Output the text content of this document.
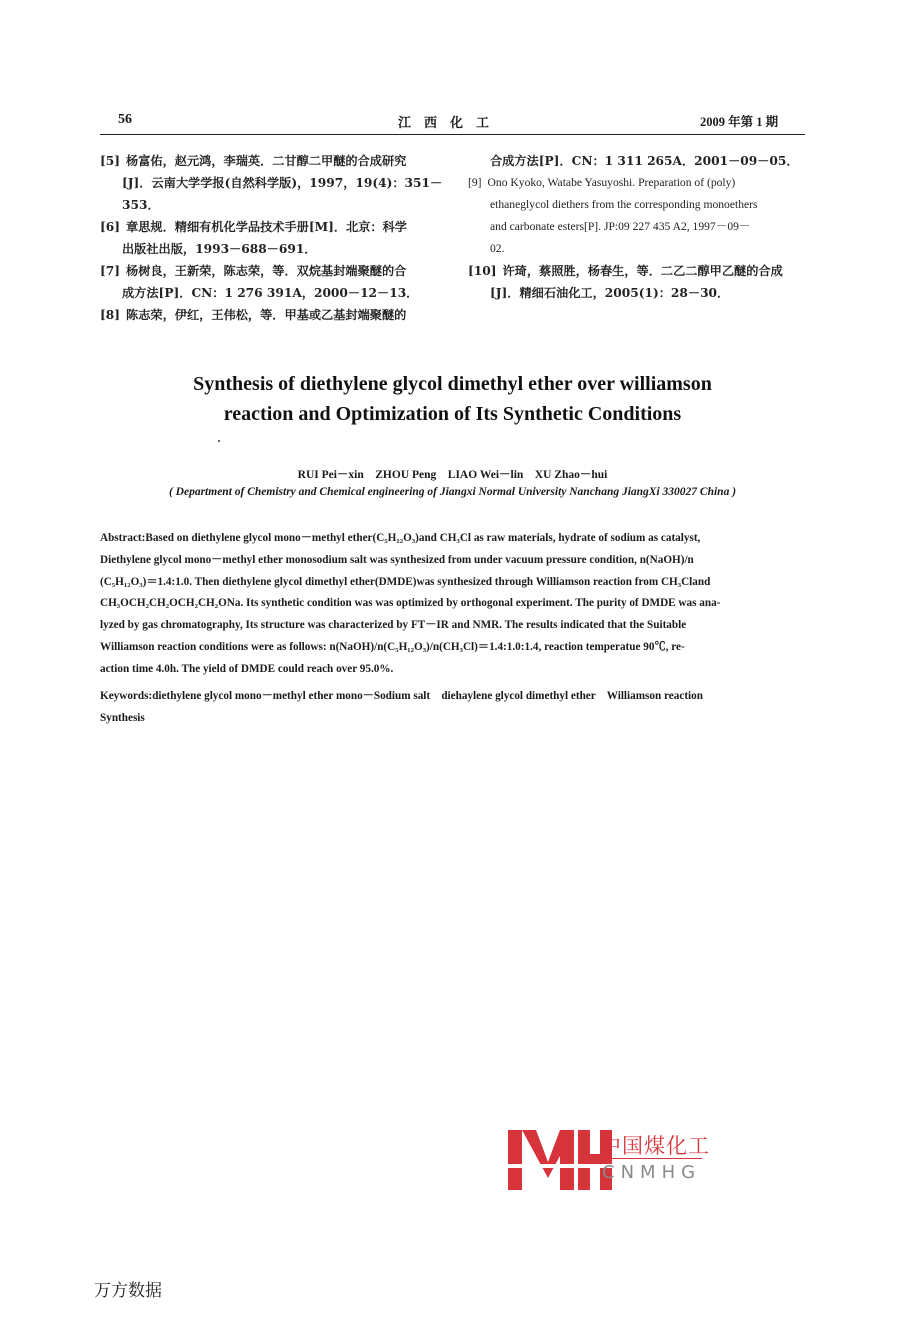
56	江　西　化　工	2009 年第 1 期
[5] 杨富佑，赵元鸿，李瑞英．二甘醇二甲醚的合成研究
[J]．云南大学学报(自然科学版)，1997，19(4)：351－
353．
[6] 章思规．精细有机化学品技术手册[M]．北京：科学
出版社出版，1993－688－691．
[7] 杨树良，王新荣，陈志荣，等．双烷基封端聚醚的合
成方法[P]．CN：1 276 391A，2000－12－13．
[8] 陈志荣，伊红，王伟松，等．甲基或乙基封端聚醚的
合成方法[P]．CN：1 311 265A．2001－09－05．
[9] Ono Kyoko, Watabe Yasuyoshi. Preparation of (poly)
ethaneglycol diethers from the corresponding monoethers
and carbonate esters[P]. JP:09 227 435 A2, 1997－09－
02.
[10] 许琦，蔡照胜，杨春生，等．二乙二醇甲乙醚的合成
[J]．精细石油化工，2005(1)：28－30．
Synthesis of diethylene glycol dimethyl ether over williamson
reaction and Optimization of Its Synthetic Conditions
RUI Pei－xin　ZHOU Peng　LIAO Wei－lin　XU Zhao－hui
( Department of Chemistry and Chemical engineering of Jiangxi Normal University Nanchang JiangXi 330027 China )
Abstract:Based on diethylene glycol mono－methyl ether(C₅H₁₂O₃)and CH₃Cl as raw materials, hydrate of sodium as catalyst,
Diethylene glycol mono－methyl ether monosodium salt was synthesized from under vacuum pressure condition, n(NaOH)/n
(C₅H₁₂O₃)＝1.4:1.0. Then diethylene glycol dimethyl ether(DMDE)was synthesized through Williamson reaction from CH₃Cland
CH₃OCH₂CH₂OCH₂CH₂ONa. Its synthetic condition was was optimized by orthogonal experiment. The purity of DMDE was ana-
lyzed by gas chromatography, Its structure was characterized by FT－IR and NMR. The results indicated that the Suitable
Williamson reaction conditions were as follows: n(NaOH)/n(C₅H₁₂O₃)/n(CH₃Cl)＝1.4:1.0:1.4, reaction temperatue 90℃, re-
action time 4.0h. The yield of DMDE could reach over 95.0%.
Keywords:diethylene glycol mono－methyl ether mono－Sodium salt　diehaylene glycol dimethyl ether　Williamson reaction
Synthesis
中国煤化工
CNMHG
万方数据
